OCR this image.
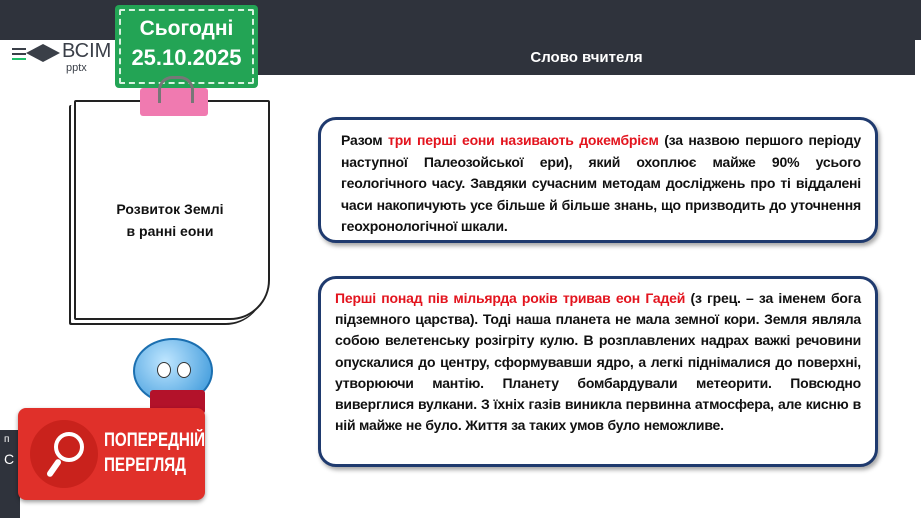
п
С
ВСІМ
pptx
Сьогодні
25.10.2025	Слово вчителя
Розвиток Землі
в ранні еони
Разом три перші еони називають докембрієм (за назвою першого періоду наступної Палеозойської ери), який охоплює майже 90% усього геологічного часу. Завдяки сучасним методам досліджень про ті віддалені часи накопичують усе більше й більше знань, що призводить до уточнення геохронологічної шкали.
Перші понад пів мільярда років тривав еон Гадей (з грец. – за іменем бога підземного царства). Тоді наша планета не мала земної кори. Земля являла собою велетенську розігріту кулю. В розплавлених надрах важкі речовини опускалися до центру, сформувавши ядро, а легкі піднімалися до поверхні, утворюючи мантію. Планету бомбардували метеорити. Повсюдно виверглися вулкани. З їхніх газів виникла первинна атмосфера, але кисню в ній майже не було. Життя за таких умов було неможливе.
ПОПЕРЕДНІЙ
ПЕРЕГЛЯД
